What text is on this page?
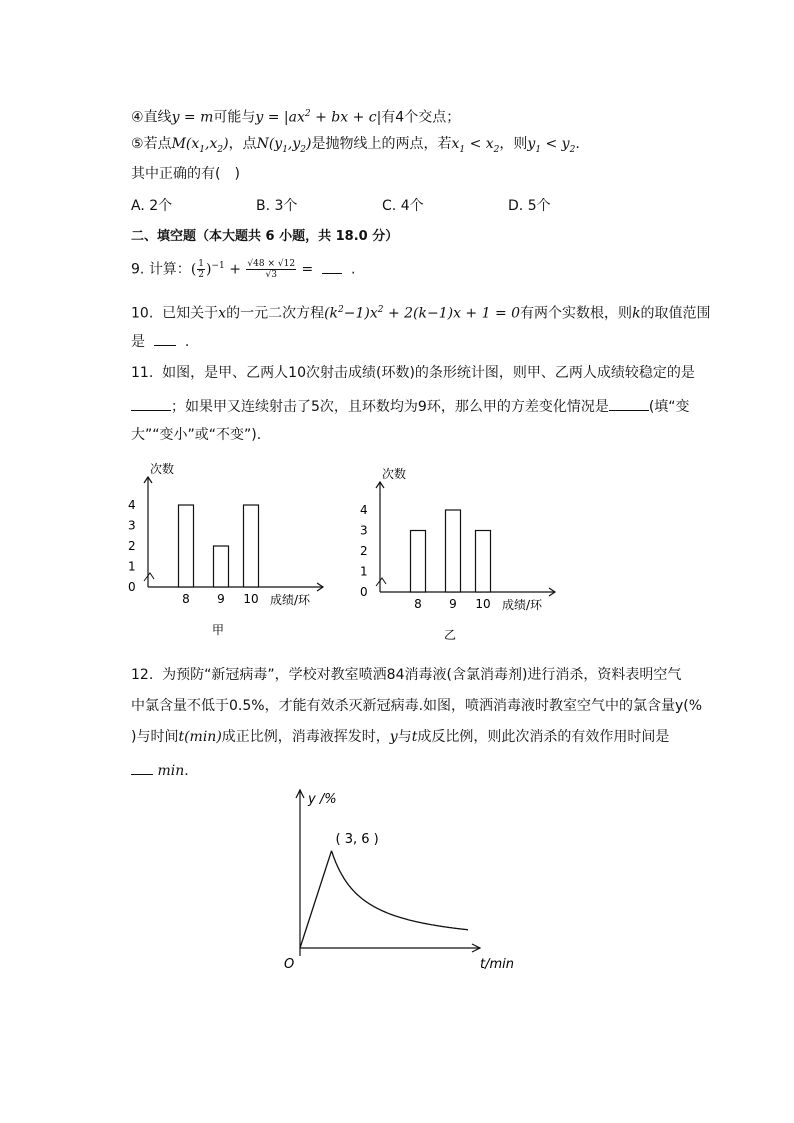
④直线y = m可能与$y = |ax^2$ + bx + c|有4个交点；
⑤若点$M(x_1,x_2)$，点$N(y_1,y_2)$是抛物线上的两点，若$x_1 < x_2$，则$y_1 < y_2$.
其中正确的有(　)
A. 2个	B. 3个	C. 4个	D. 5个
二、填空题（本大题共 6 小题，共 18.0 分）
9. 计算：( $\frac{1}{2} )^{-1} + \frac{√48 \times √12}{√3}$ =    .
10. 已知关于x的一元二次方程$(k^2-1)x^2 + 2(k-1)x + 1 = 0$有两个实数根，则k的取值范围
是	.
11. 如图，是甲、乙两人10次射击成绩(环数)的条形统计图，则甲、乙两人成绩较稳定的是
；如果甲又连续射击了5次，且环数均为9环，那么甲的方差变化情况是	(填“变
大”“变小”或“不变”).
次数
0
1
2
3
4
8 9 10 成绩/环
甲
次数
0
1
2
3
4
8 9 10 成绩/环
乙
12. 为预防“新冠病毒”，学校对教室喷洒84消毒液(含氯消毒剂)进行消杀，资料表明空气
中氯含量不低于0.5%，才能有效杀灭新冠病毒.如图，喷洒消毒液时教室空气中的氯含量y(%
)与时间t(min)成正比例，消毒液挥发时，y与t成反比例，则此次消杀的有效作用时间是
min.
y /%
t/min
O
( 3, 6 )
